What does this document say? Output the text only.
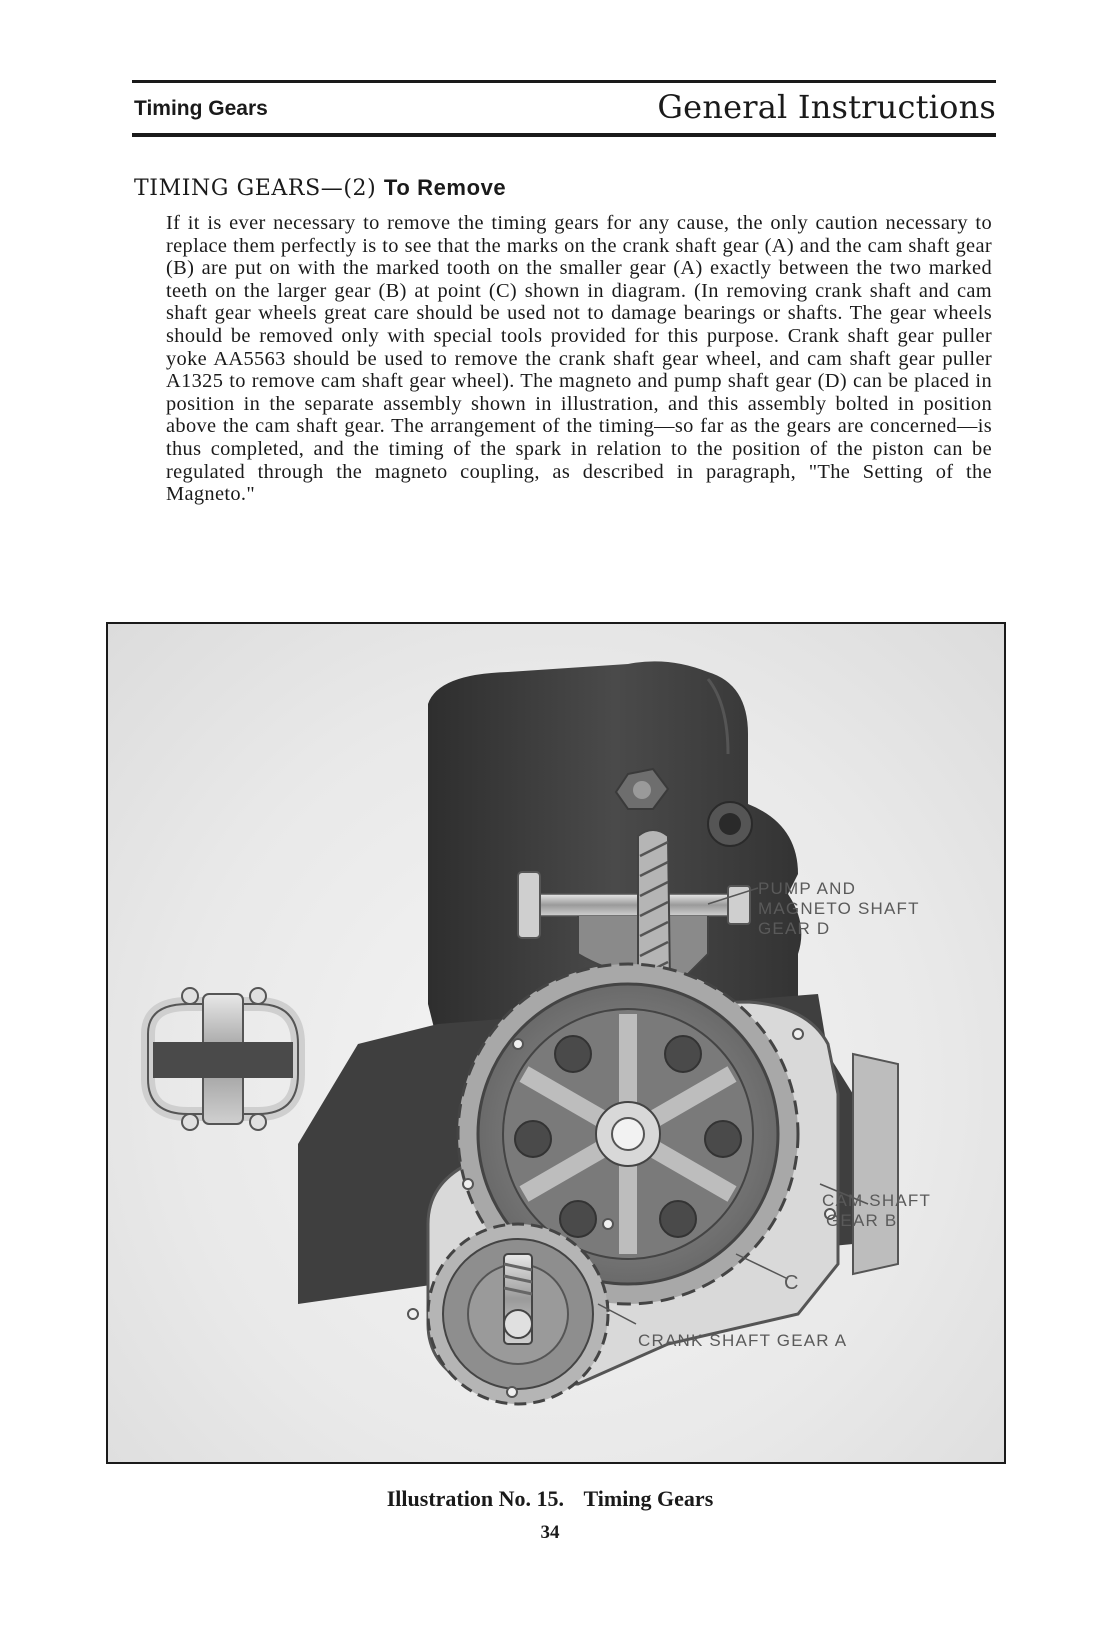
Timing Gears	General Instructions
TIMING GEARS—(2) To Remove
If it is ever necessary to remove the timing gears for any cause, the only caution necessary to replace them perfectly is to see that the marks on the crank shaft gear (A) and the cam shaft gear (B) are put on with the marked tooth on the smaller gear (A) exactly between the two marked teeth on the larger gear (B) at point (C) shown in diagram. (In removing crank shaft and cam shaft gear wheels great care should be used not to damage bearings or shafts. The gear wheels should be removed only with special tools provided for this purpose. Crank shaft gear puller yoke AA5563 should be used to remove the crank shaft gear wheel, and cam shaft gear puller A1325 to remove cam shaft gear wheel). The magneto and pump shaft gear (D) can be placed in position in the separate assembly shown in illustration, and this assembly bolted in position above the cam shaft gear. The arrangement of the timing—so far as the gears are concerned—is thus completed, and the timing of the spark in relation to the position of the piston can be regulated through the magneto coupling, as described in paragraph, "The Setting of the Magneto."
PUMP AND
MAGNETO SHAFT
GEAR D
CAM SHAFT
GEAR B
C
CRANK SHAFT GEAR A
Illustration No. 15. Timing Gears
34
